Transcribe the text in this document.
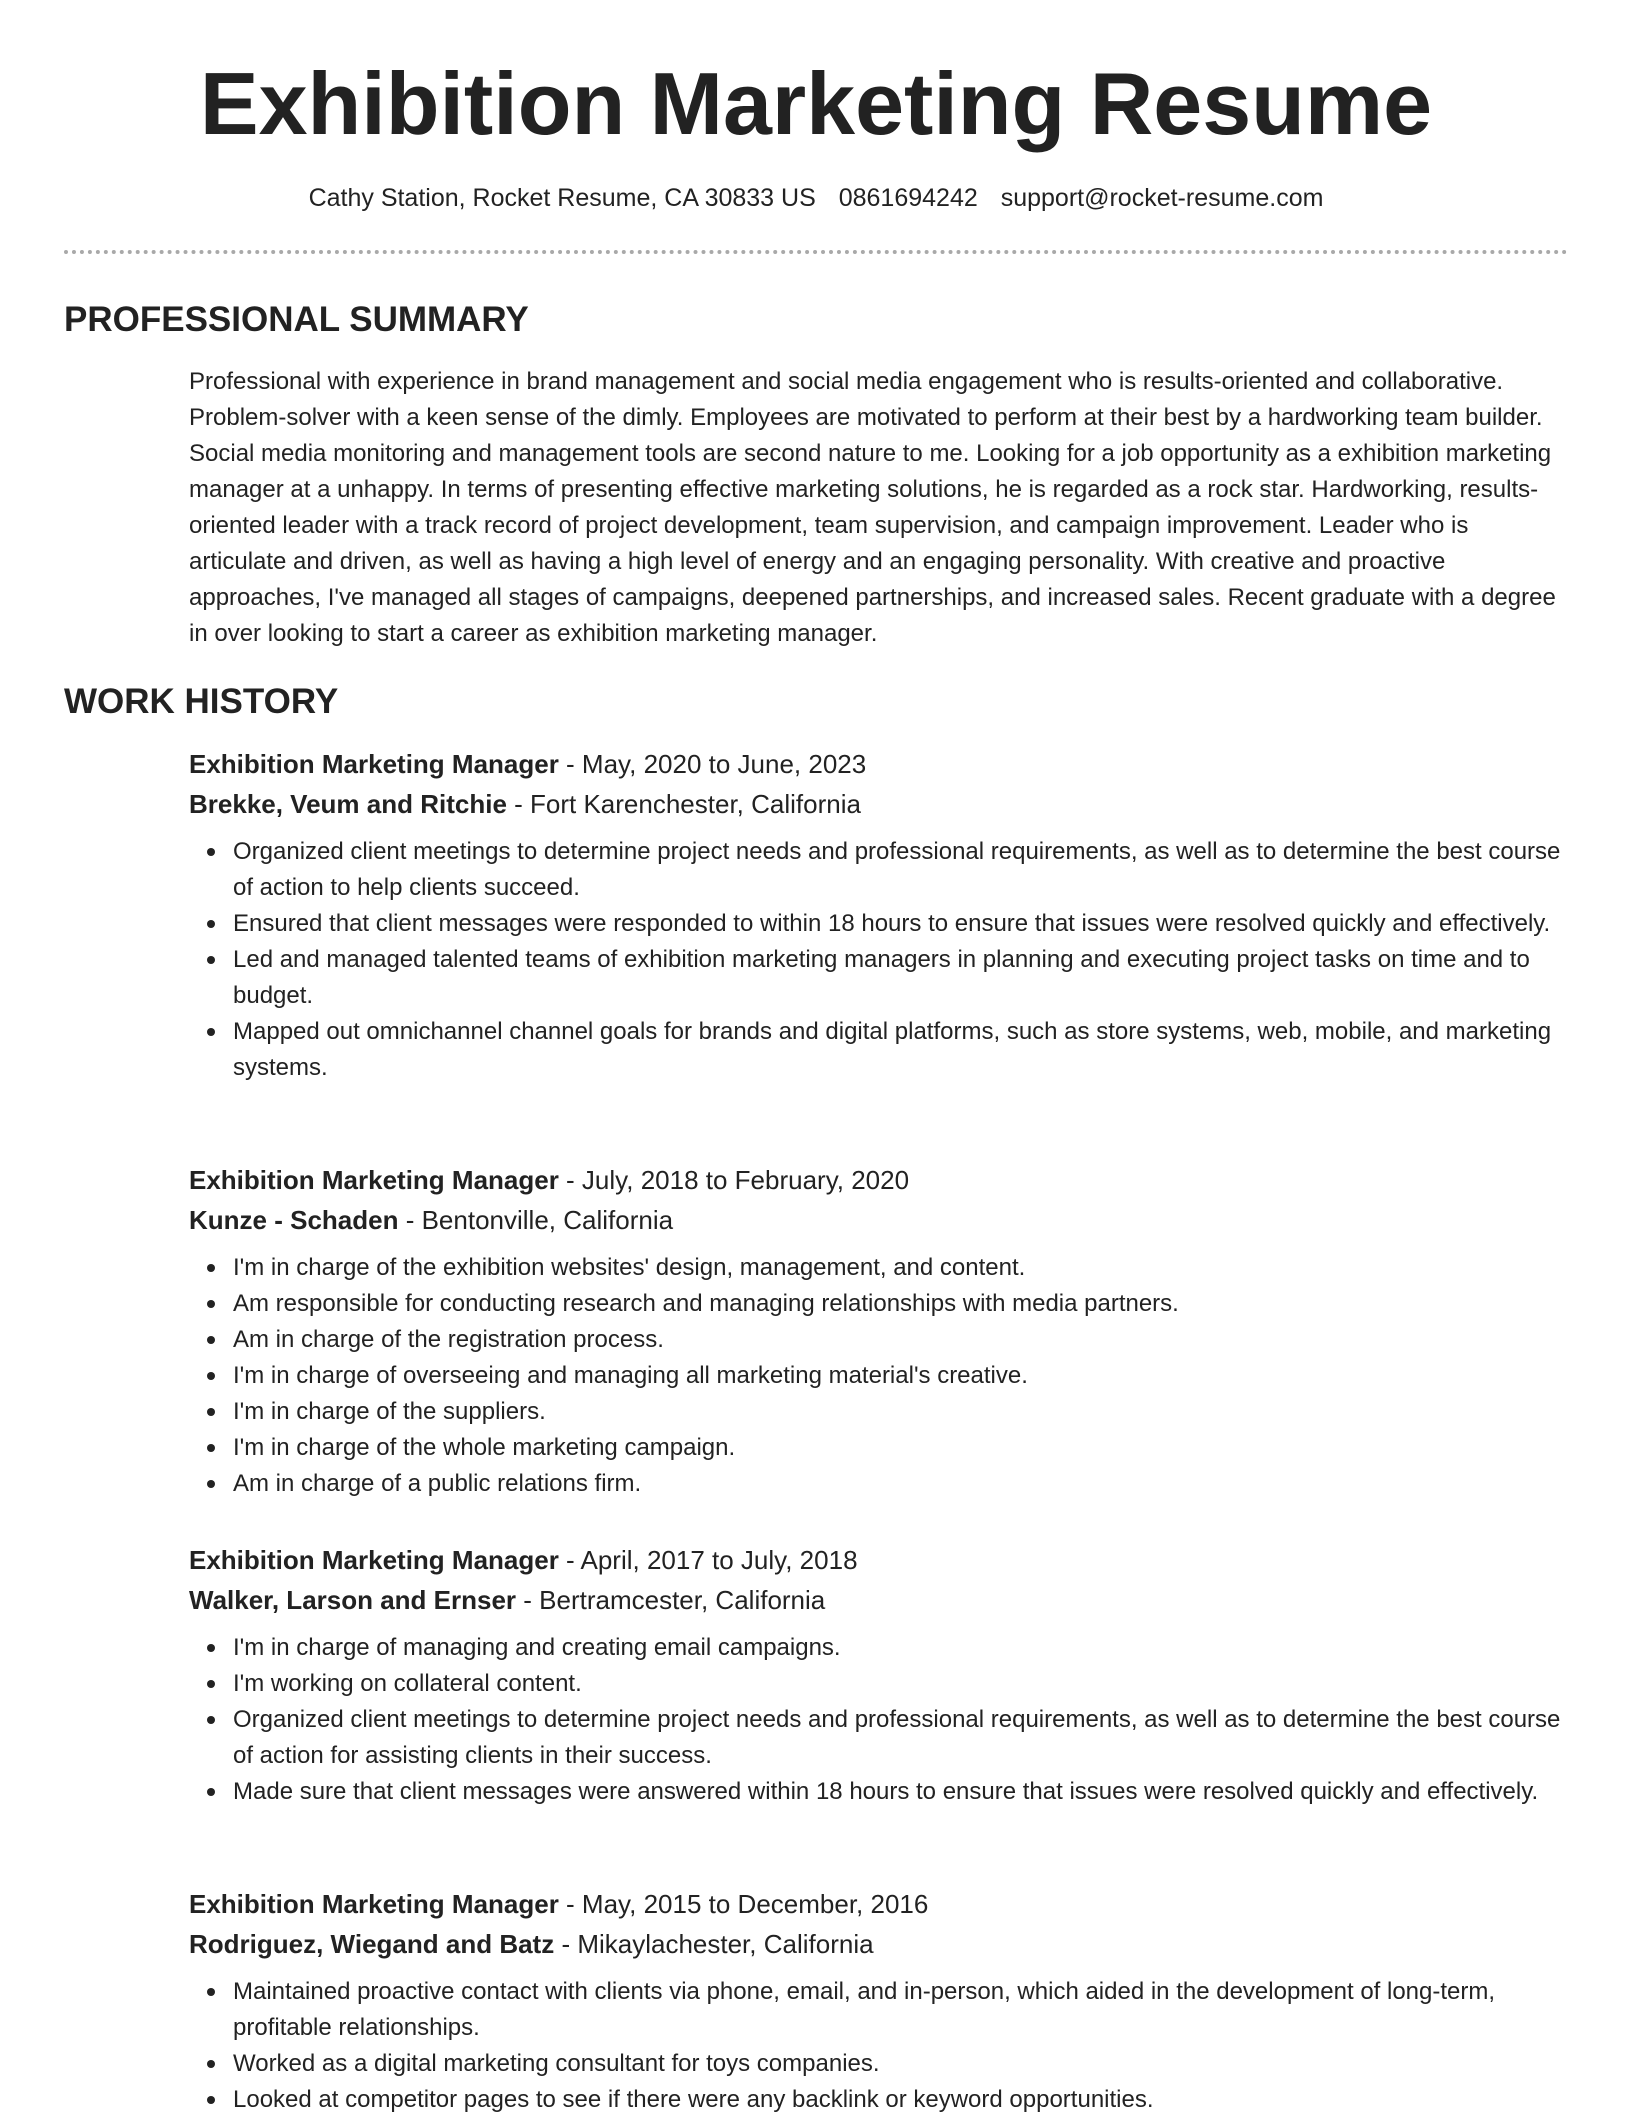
Exhibition Marketing Resume
Cathy Station, Rocket Resume, CA 30833 US 0861694242 support@rocket-resume.com
PROFESSIONAL SUMMARY

Professional with experience in brand management and social media engagement who is results-oriented and collaborative. Problem-solver with a keen sense of the dimly. Employees are motivated to perform at their best by a hardworking team builder. Social media monitoring and management tools are second nature to me. Looking for a job opportunity as a exhibition marketing manager at a unhappy. In terms of presenting effective marketing solutions, he is regarded as a rock star. Hardworking, results-oriented leader with a track record of project development, team supervision, and campaign improvement. Leader who is articulate and driven, as well as having a high level of energy and an engaging personality. With creative and proactive approaches, I've managed all stages of campaigns, deepened partnerships, and increased sales. Recent graduate with a degree in over looking to start a career as exhibition marketing manager.

WORK HISTORY
Exhibition Marketing Manager - May, 2020 to June, 2023
Brekke, Veum and Ritchie - Fort Karenchester, California
Organized client meetings to determine project needs and professional requirements, as well as to determine the best course of action to help clients succeed.
Ensured that client messages were responded to within 18 hours to ensure that issues were resolved quickly and effectively.
Led and managed talented teams of exhibition marketing managers in planning and executing project tasks on time and to budget.
Mapped out omnichannel channel goals for brands and digital platforms, such as store systems, web, mobile, and marketing systems.
Exhibition Marketing Manager - July, 2018 to February, 2020
Kunze - Schaden - Bentonville, California
I'm in charge of the exhibition websites' design, management, and content.
Am responsible for conducting research and managing relationships with media partners.
Am in charge of the registration process.
I'm in charge of overseeing and managing all marketing material's creative.
I'm in charge of the suppliers.
I'm in charge of the whole marketing campaign.
Am in charge of a public relations firm.
Exhibition Marketing Manager - April, 2017 to July, 2018
Walker, Larson and Ernser - Bertramcester, California
I'm in charge of managing and creating email campaigns.
I'm working on collateral content.
Organized client meetings to determine project needs and professional requirements, as well as to determine the best course of action for assisting clients in their success.
Made sure that client messages were answered within 18 hours to ensure that issues were resolved quickly and effectively.
Exhibition Marketing Manager - May, 2015 to December, 2016
Rodriguez, Wiegand and Batz - Mikaylachester, California
Maintained proactive contact with clients via phone, email, and in-person, which aided in the development of long-term, profitable relationships.
Worked as a digital marketing consultant for toys companies.
Looked at competitor pages to see if there were any backlink or keyword opportunities.
